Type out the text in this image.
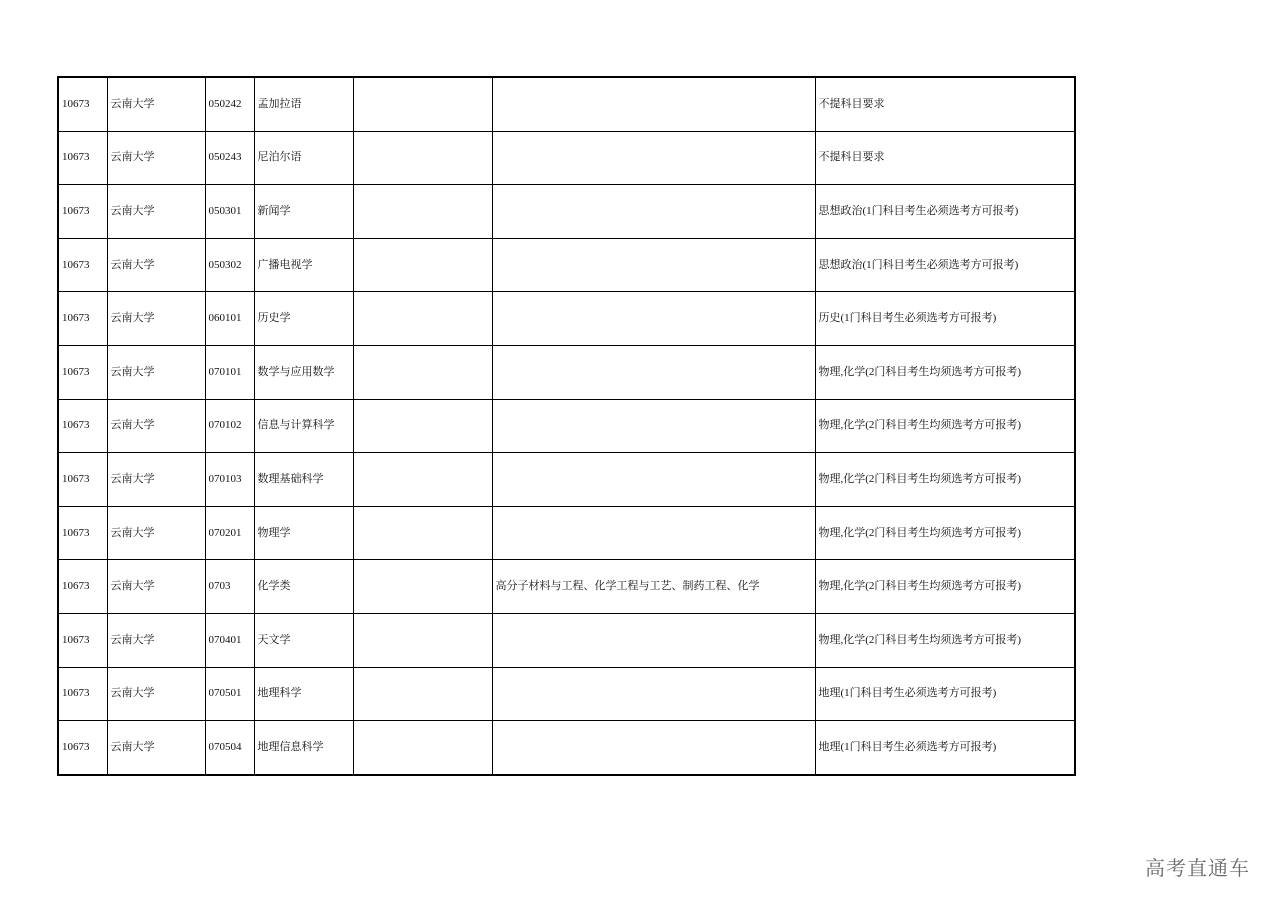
10673	云南大学	050242	孟加拉语			不提科目要求
10673	云南大学	050243	尼泊尔语			不提科目要求
10673	云南大学	050301	新闻学			思想政治(1门科目考生必须选考方可报考)
10673	云南大学	050302	广播电视学			思想政治(1门科目考生必须选考方可报考)
10673	云南大学	060101	历史学			历史(1门科目考生必须选考方可报考)
10673	云南大学	070101	数学与应用数学			物理,化学(2门科目考生均须选考方可报考)
10673	云南大学	070102	信息与计算科学			物理,化学(2门科目考生均须选考方可报考)
10673	云南大学	070103	数理基础科学			物理,化学(2门科目考生均须选考方可报考)
10673	云南大学	070201	物理学			物理,化学(2门科目考生均须选考方可报考)
10673	云南大学	0703	化学类		高分子材料与工程、化学工程与工艺、制药工程、化学	物理,化学(2门科目考生均须选考方可报考)
10673	云南大学	070401	天文学			物理,化学(2门科目考生均须选考方可报考)
10673	云南大学	070501	地理科学			地理(1门科目考生必须选考方可报考)
10673	云南大学	070504	地理信息科学			地理(1门科目考生必须选考方可报考)
高考直通车
